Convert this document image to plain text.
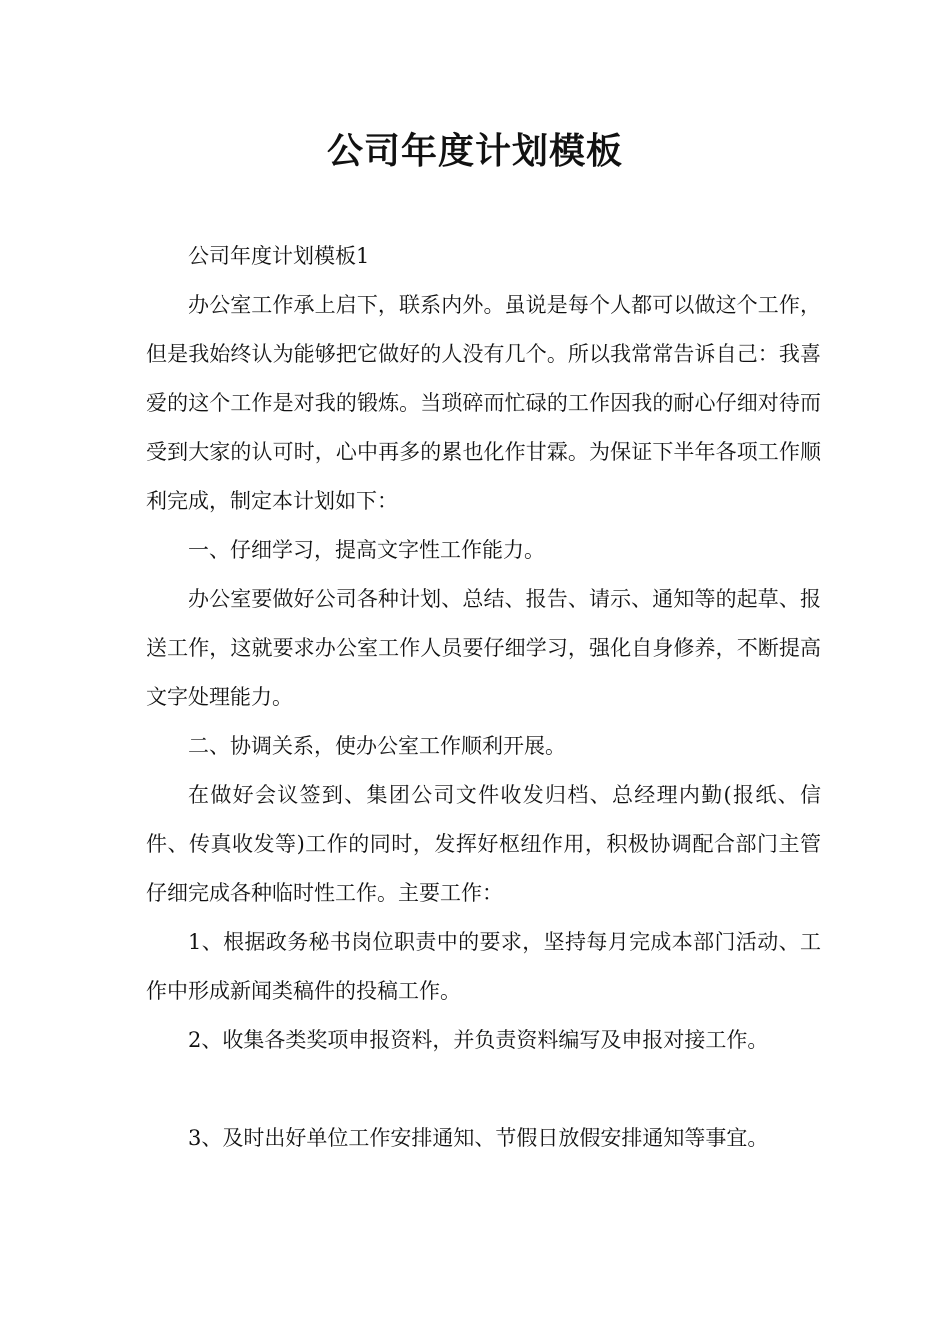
公司年度计划模板

公司年度计划模板1

办公室工作承上启下，联系内外。虽说是每个人都可以做这个工作，但是我始终认为能够把它做好的人没有几个。所以我常常告诉自己：我喜爱的这个工作是对我的锻炼。当琐碎而忙碌的工作因我的耐心仔细对待而受到大家的认可时，心中再多的累也化作甘霖。为保证下半年各项工作顺利完成，制定本计划如下：

一、仔细学习，提高文字性工作能力。

办公室要做好公司各种计划、总结、报告、请示、通知等的起草、报送工作，这就要求办公室工作人员要仔细学习，强化自身修养，不断提高文字处理能力。

二、协调关系，使办公室工作顺利开展。

在做好会议签到、集团公司文件收发归档、总经理内勤(报纸、信件、传真收发等)工作的同时，发挥好枢纽作用，积极协调配合部门主管仔细完成各种临时性工作。主要工作：

1、根据政务秘书岗位职责中的要求，坚持每月完成本部门活动、工作中形成新闻类稿件的投稿工作。

2、收集各类奖项申报资料，并负责资料编写及申报对接工作。

3、及时出好单位工作安排通知、节假日放假安排通知等事宜。
